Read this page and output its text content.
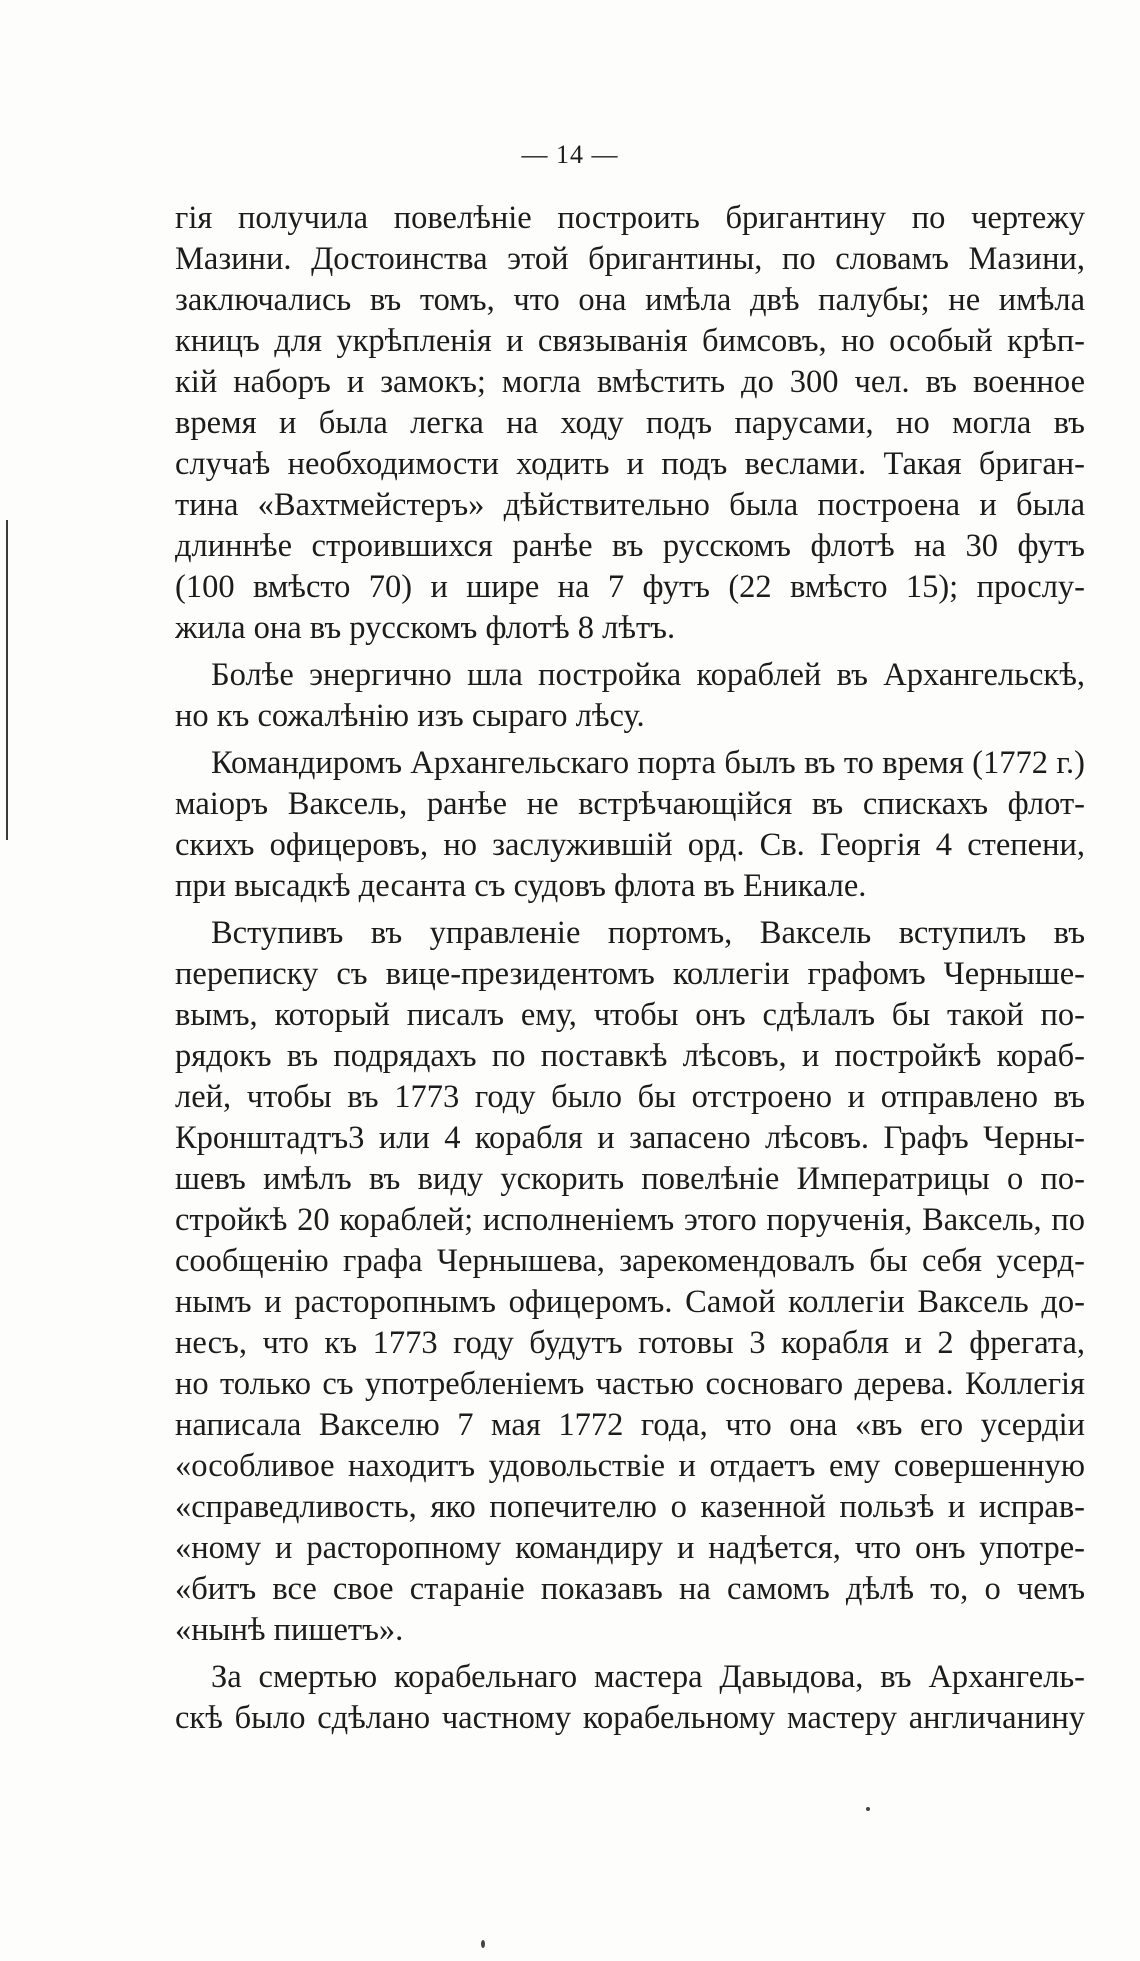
— 14 —
гія получила повелѣніе построить бригантину по чертежу
Мазини. Достоинства этой бригантины, по словамъ Мазини,
заключались въ томъ, что она имѣла двѣ палубы; не имѣла
кницъ для укрѣпленія и связыванія бимсовъ, но особый крѣп-
кій наборъ и замокъ; могла вмѣстить до 300 чел. въ военное
время и была легка на ходу подъ парусами, но могла въ
случаѣ необходимости ходить и подъ веслами. Такая бриган-
тина «Вахтмейстеръ» дѣйствительно была построена и была
длиннѣе строившихся ранѣе въ русскомъ флотѣ на 30 футъ
(100 вмѣсто 70) и шире на 7 футъ (22 вмѣсто 15); прослу-
жила она въ русскомъ флотѣ 8 лѣтъ.
Болѣе энергично шла постройка кораблей въ Архангельскѣ,
но къ сожалѣнію изъ сыраго лѣсу.
Командиромъ Архангельскаго порта былъ въ то время (1772 г.)
маіоръ Ваксель, ранѣе не встрѣчающійся въ спискахъ флот-
скихъ офицеровъ, но заслужившій орд. Св. Георгія 4 степени,
при высадкѣ десанта съ судовъ флота въ Еникале.
Вступивъ въ управленіе портомъ, Ваксель вступилъ въ
переписку съ вице-президентомъ коллегіи графомъ Черныше-
вымъ, который писалъ ему, чтобы онъ сдѣлалъ бы такой по-
рядокъ въ подрядахъ по поставкѣ лѣсовъ, и постройкѣ кораб-
лей, чтобы въ 1773 году было бы отстроено и отправлено въ
Кронштадтъ3 или 4 корабля и запасено лѣсовъ. Графъ Черны-
шевъ имѣлъ въ виду ускорить повелѣніе Императрицы о по-
стройкѣ 20 кораблей; исполненіемъ этого порученія, Ваксель, по
сообщенію графа Чернышева, зарекомендовалъ бы себя усерд-
нымъ и расторопнымъ офицеромъ. Самой коллегіи Ваксель до-
несъ, что къ 1773 году будутъ готовы 3 корабля и 2 фрегата,
но только съ употребленіемъ частью сосноваго дерева. Коллегія
написала Вакселю 7 мая 1772 года, что она «въ его усердіи
«особливое находитъ удовольствіе и отдаетъ ему совершенную
«справедливость, яко попечителю о казенной пользѣ и исправ-
«ному и расторопному командиру и надѣется, что онъ употре-
«битъ все свое стараніе показавъ на самомъ дѣлѣ то, о чемъ
«нынѣ пишетъ».
За смертью корабельнаго мастера Давыдова, въ Архангель-
скѣ было сдѣлано частному корабельному мастеру англичанину
